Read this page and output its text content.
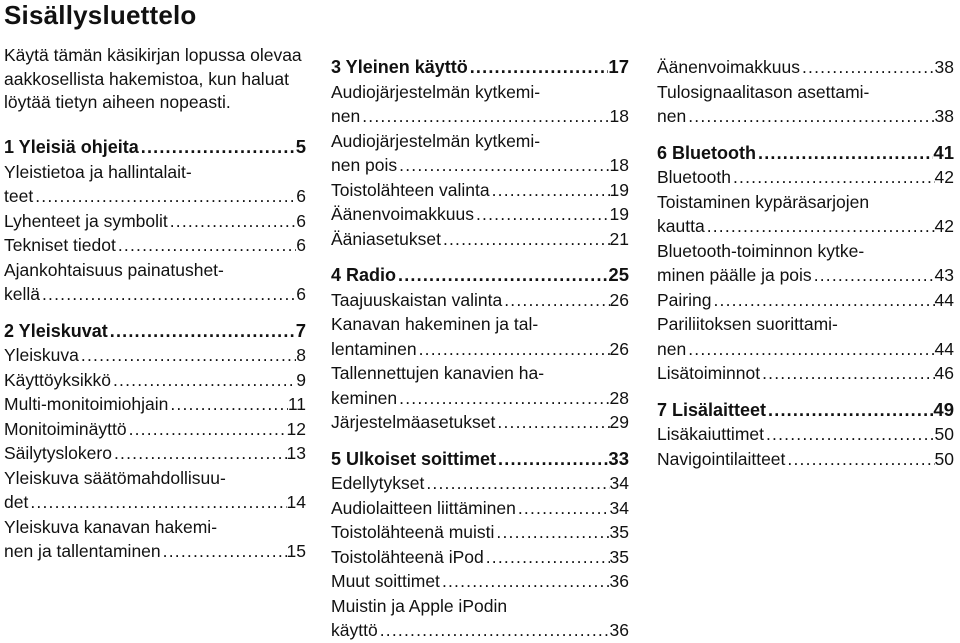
Sisällysluettelo
Käytä tämän käsikirjan lopussa olevaa aakkosellista hakemistoa, kun haluat löytää tietyn aiheen nopeasti.
1 Yleisiä ohjeita .....	5
Yleistietoa ja hallintalait-
teet .....	6
Lyhenteet ja symbolit .....	6
Tekniset tiedot .....	6
Ajankohtaisuus painatushet-
kellä .....	6
2 Yleiskuvat .....	7
Yleiskuva .....	8
Käyttöyksikkö .....	9
Multi-monitoimiohjain .....	11
Monitoiminäyttö .....	12
Säilytyslokero .....	13
Yleiskuva säätömahdollisuu-
det .....	14
Yleiskuva kanavan hakemi-
nen ja tallentaminen .....	15
3 Yleinen käyttö .....	17
Audiojärjestelmän kytkemi-
nen .....	18
Audiojärjestelmän kytkemi-
nen pois .....	18
Toistolähteen valinta .....	19
Äänenvoimakkuus .....	19
Ääniasetukset .....	21
4 Radio .....	25
Taajuuskaistan valinta .....	26
Kanavan hakeminen ja tal-
lentaminen .....	26
Tallennettujen kanavien ha-
keminen .....	28
Järjestelmäasetukset .....	29
5 Ulkoiset soittimet .....	33
Edellytykset .....	34
Audiolaitteen liittäminen .....	34
Toistolähteenä muisti .....	35
Toistolähteenä iPod .....	35
Muut soittimet .....	36
Muistin ja Apple iPodin
käyttö .....	36
Äänenvoimakkuus .....	38
Tulosignaalitason asettami-
nen .....	38
6 Bluetooth .....	41
Bluetooth .....	42
Toistaminen kypäräsarjojen
kautta .....	42
Bluetooth-toiminnon kytke-
minen päälle ja pois .....	43
Pairing .....	44
Pariliitoksen suorittami-
nen .....	44
Lisätoiminnot .....	46
7 Lisälaitteet .....	49
Lisäkaiuttimet .....	50
Navigointilaitteet .....	50
